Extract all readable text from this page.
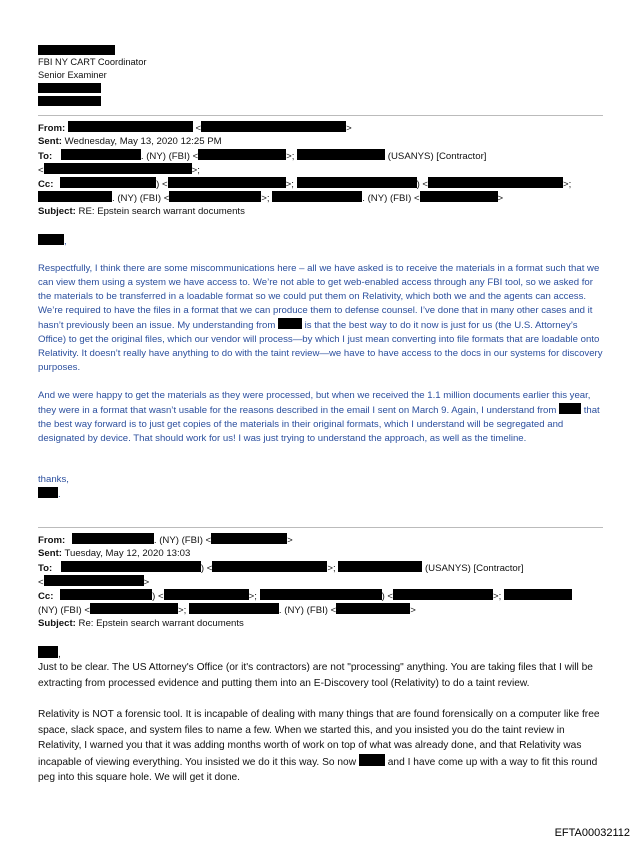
FBI NY CART Coordinator
Senior Examiner
From:	<	>
Sent: Wednesday, May 13, 2020 12:25 PM
To:	. (NY) (FBI) <	>;	(USANYS) [Contractor]
<	>;
Cc:	) <	>;	) <	>;
. (NY) (FBI) <	>;	. (NY) (FBI) <	>
Subject: RE: Epstein search warrant documents
,
Respectfully, I think there are some miscommunications here – all we have asked is to receive the materials in a format such that we can view them using a system we have access to. We’re not able to get web-enabled access through any FBI tool, so we asked for the materials to be transferred in a loadable format so we could put them on Relativity, which both we and the agents can access. We’re required to have the files in a format that we can produce them to defense counsel. I’ve done that in many other cases and it hasn’t previously been an issue. My understanding from	is that the best way to do it now is just for us (the U.S. Attorney’s Office) to get the original files, which our vendor will process—by which I just mean converting into file formats that are loadable onto Relativity. It doesn’t really have anything to do with the taint review—we have to have access to the docs in our systems for discovery purposes.
And we were happy to get the materials as they were processed, but when we received the 1.1 million documents earlier this year, they were in a format that wasn’t usable for the reasons described in the email I sent on March 9. Again, I understand from	that the best way forward is to just get copies of the materials in their original formats, which I understand will be segregated and designated by device. That should work for us! I was just trying to understand the approach, as well as the timeline.
thanks,
.
From:	. (NY) (FBI) <	>
Sent: Tuesday, May 12, 2020 13:03
To:	) <	>;	(USANYS) [Contractor]
<	>
Cc:	) <	>;	) <	>;
(NY) (FBI) <	>;	. (NY) (FBI) <	>
Subject: Re: Epstein search warrant documents
,
Just to be clear. The US Attorney's Office (or it's contractors) are not "processing" anything. You are taking files that I will be extracting from processed evidence and putting them into an E-Discovery tool (Relativity) to do a taint review.
Relativity is NOT a forensic tool. It is incapable of dealing with many things that are found forensically on a computer like free space, slack space, and system files to name a few. When we started this, and you insisted you do the taint review in Relativity, I warned you that it was adding months worth of work on top of what was already done, and that Relativity was incapable of viewing everything. You insisted we do it this way. So now	and I have come up with a way to fit this round peg into this square hole. We will get it done.
EFTA00032112
